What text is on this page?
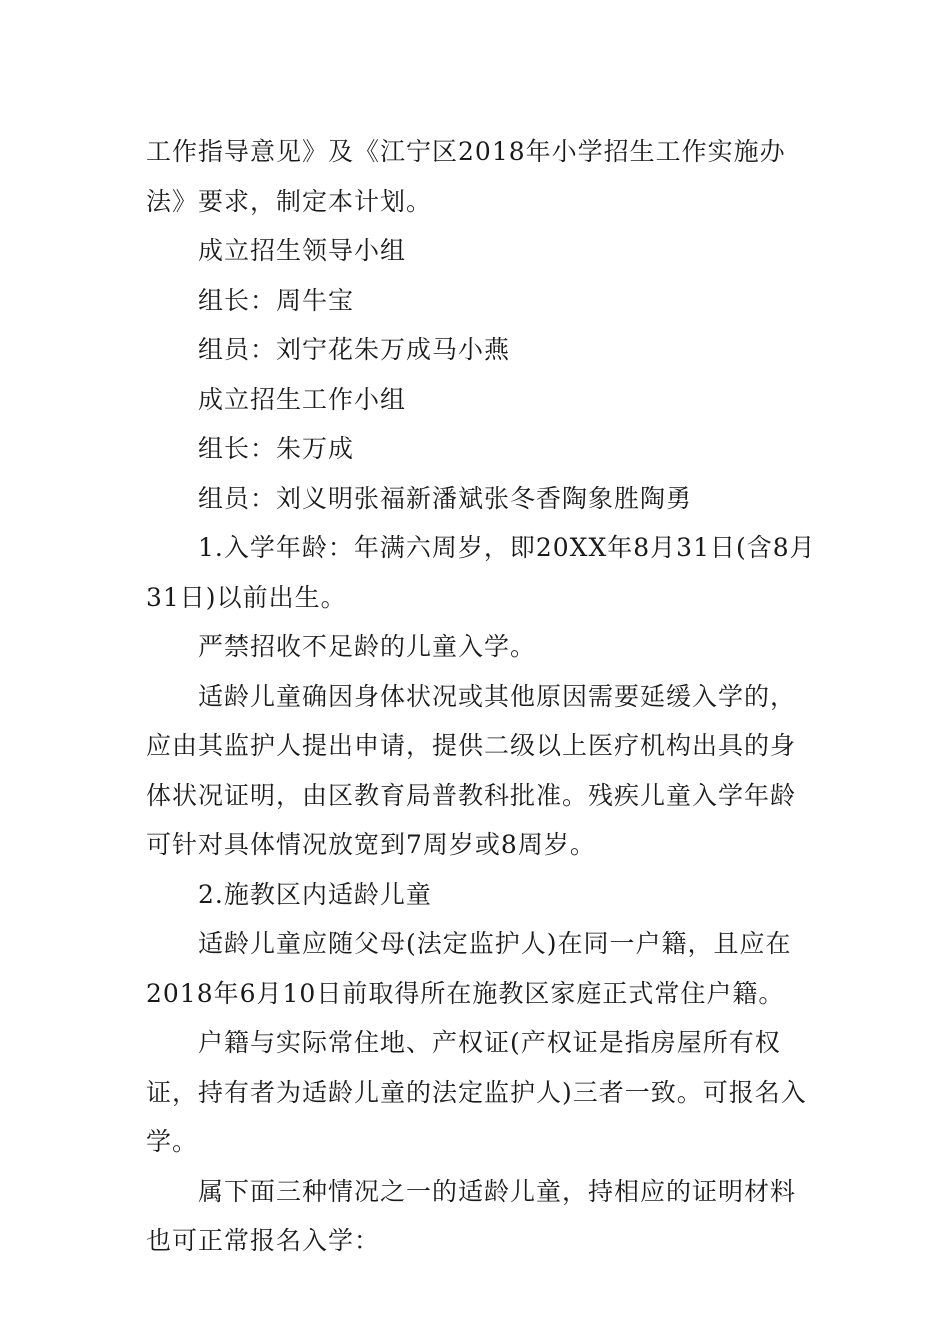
工作指导意见》及《江宁区2018年小学招生工作实施办法》要求，制定本计划。

成立招生领导小组

组长：周牛宝

组员：刘宁花朱万成马小燕

成立招生工作小组

组长：朱万成

组员：刘义明张福新潘斌张冬香陶象胜陶勇

1.入学年龄：年满六周岁，即20XX年8月31日(含8月31日)以前出生。

严禁招收不足龄的儿童入学。

适龄儿童确因身体状况或其他原因需要延缓入学的，应由其监护人提出申请，提供二级以上医疗机构出具的身体状况证明，由区教育局普教科批准。残疾儿童入学年龄可针对具体情况放宽到7周岁或8周岁。

2.施教区内适龄儿童

适龄儿童应随父母(法定监护人)在同一户籍，且应在2018年6月10日前取得所在施教区家庭正式常住户籍。

户籍与实际常住地、产权证(产权证是指房屋所有权证，持有者为适龄儿童的法定监护人)三者一致。可报名入学。

属下面三种情况之一的适龄儿童，持相应的证明材料也可正常报名入学：
